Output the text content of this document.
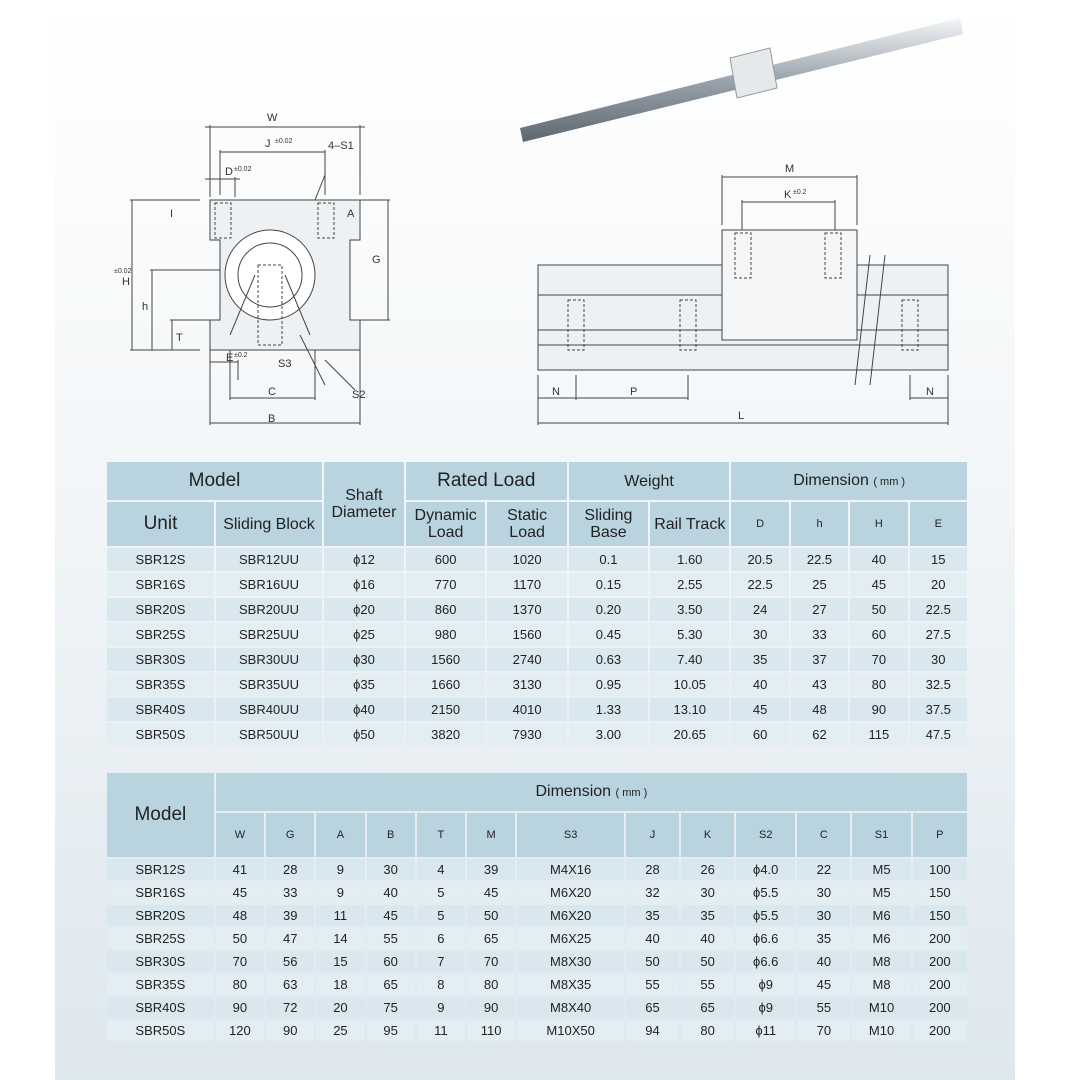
W
J ±0.02
D ±0.02
4–S1
I	A
G
H
±0.02
h
T
E ±0.2
S3
C	S2
B
M
K ±0.2
N	P
L
N
Model		Shaft Diameter	Rated Load		Weight		Dimension ( mm )			
Unit	Sliding Block		Dynamic Load	Static Load	Sliding Base	Rail Track	D	h	H	E
SBR12S	SBR12UU	ϕ12	600	1020	0.1	1.60	20.5	22.5	40	15
SBR16S	SBR16UU	ϕ16	770	1170	0.15	2.55	22.5	25	45	20
SBR20S	SBR20UU	ϕ20	860	1370	0.20	3.50	24	27	50	22.5
SBR25S	SBR25UU	ϕ25	980	1560	0.45	5.30	30	33	60	27.5
SBR30S	SBR30UU	ϕ30	1560	2740	0.63	7.40	35	37	70	30
SBR35S	SBR35UU	ϕ35	1660	3130	0.95	10.05	40	43	80	32.5
SBR40S	SBR40UU	ϕ40	2150	4010	1.33	13.10	45	48	90	37.5
SBR50S	SBR50UU	ϕ50	3820	7930	3.00	20.65	60	62	115	47.5
Model	Dimension ( mm )												
	W	G	A	B	T	M	S3	J	K	S2	C	S1	P
SBR12S	41	28	9	30	4	39	M4X16	28	26	ϕ4.0	22	M5	100
SBR16S	45	33	9	40	5	45	M6X20	32	30	ϕ5.5	30	M5	150
SBR20S	48	39	11	45	5	50	M6X20	35	35	ϕ5.5	30	M6	150
SBR25S	50	47	14	55	6	65	M6X25	40	40	ϕ6.6	35	M6	200
SBR30S	70	56	15	60	7	70	M8X30	50	50	ϕ6.6	40	M8	200
SBR35S	80	63	18	65	8	80	M8X35	55	55	ϕ9	45	M8	200
SBR40S	90	72	20	75	9	90	M8X40	65	65	ϕ9	55	M10	200
SBR50S	120	90	25	95	11	110	M10X50	94	80	ϕ11	70	M10	200
